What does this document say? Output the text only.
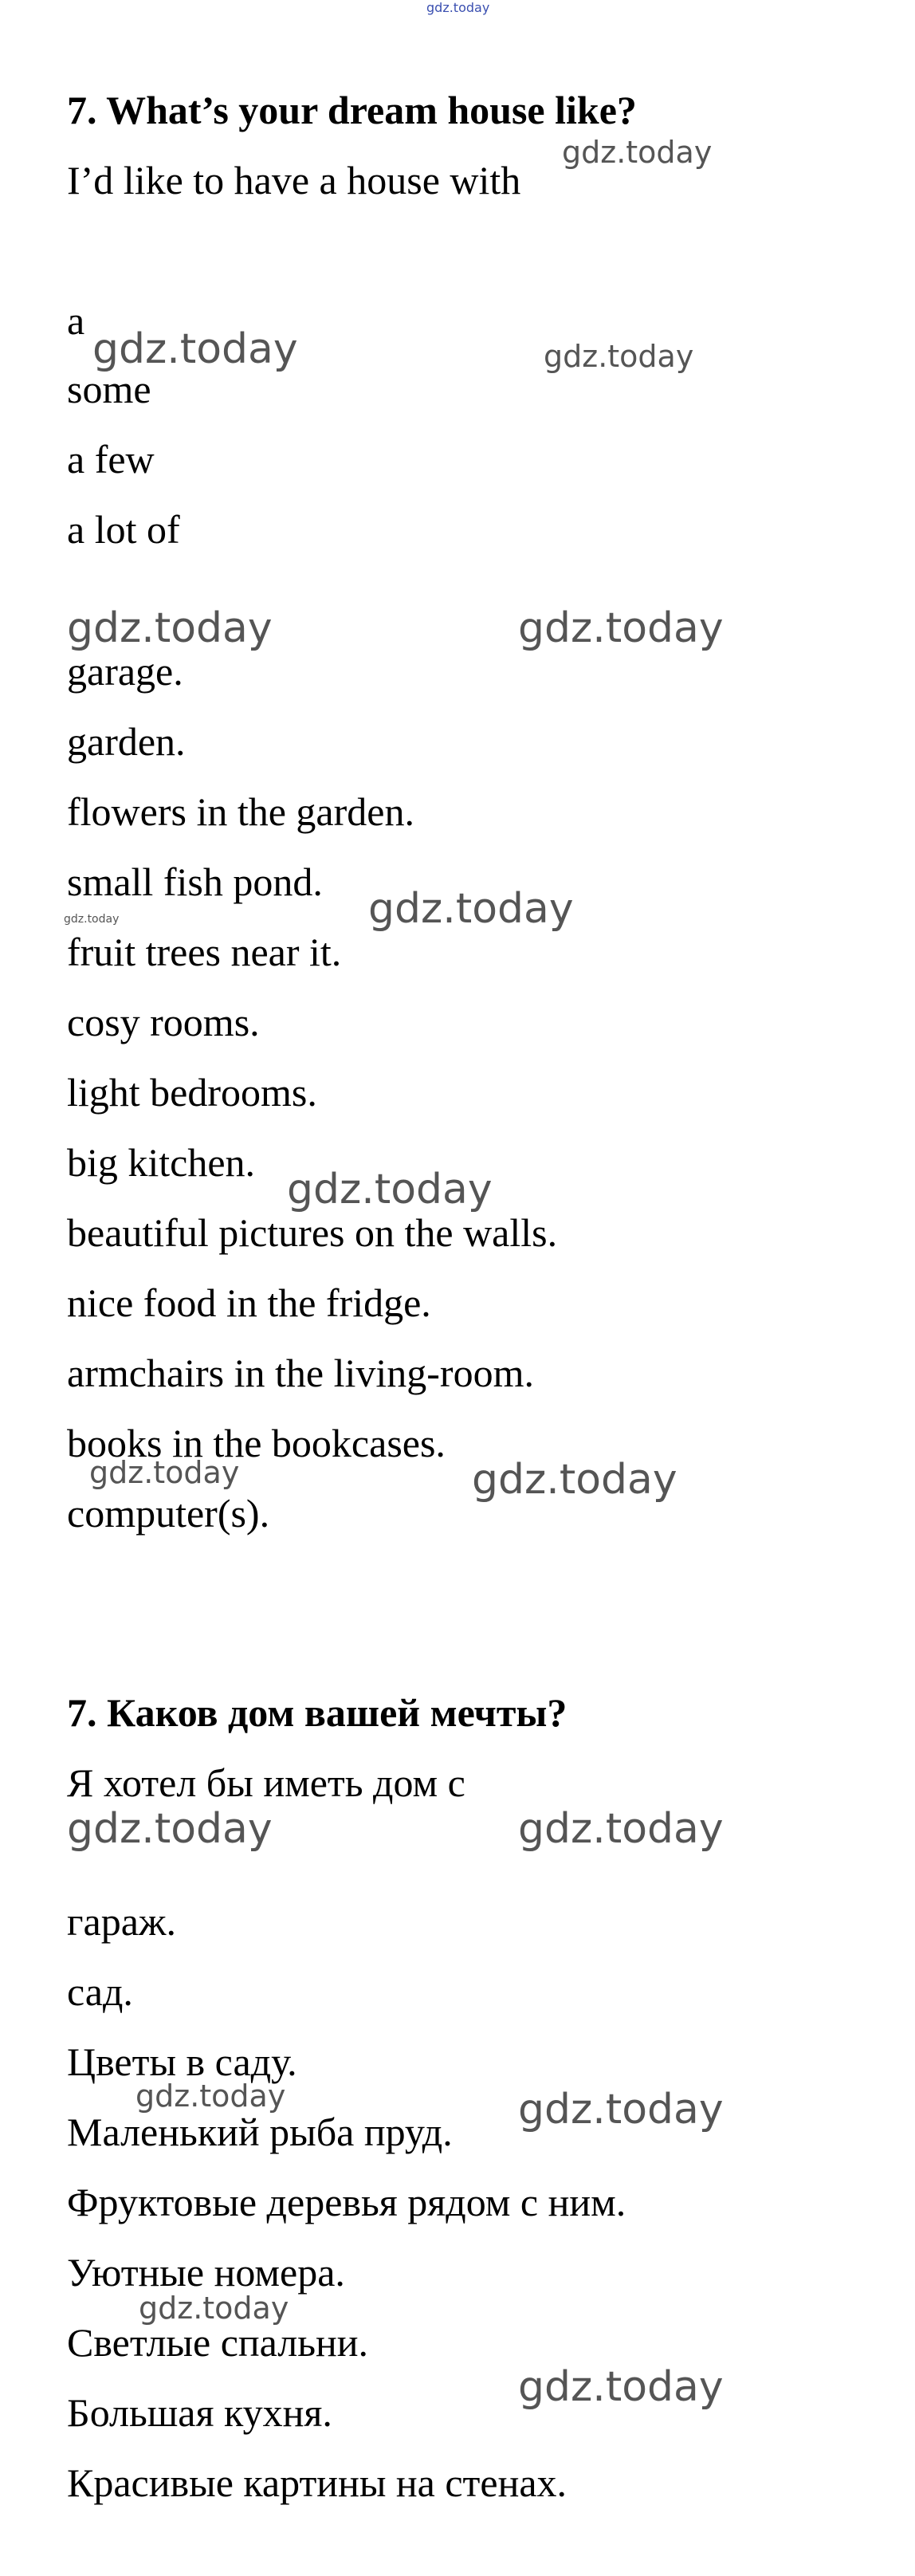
gdz.today
7. What’s your dream house like?
I’d like to have a house with
a
some
a few
a lot of
garage.
garden.
flowers in the garden.
small fish pond.
fruit trees near it.
cosy rooms.
light bedrooms.
big kitchen.
beautiful pictures on the walls.
nice food in the fridge.
armchairs in the living-room.
books in the bookcases.
computer(s).
7. Каков дом вашей мечты?
Я хотел бы иметь дом с
гараж.
сад.
Цветы в саду.
Маленький рыба пруд.
Фруктовые деревья рядом с ним.
Уютные номера.
Светлые спальни.
Большая кухня.
Красивые картины на стенах.
gdz.today
gdz.today	gdz.today
gdz.today	gdz.today
gdz.today
gdz.today
gdz.today
gdz.today	gdz.today
gdz.today	gdz.today
gdz.today	gdz.today
gdz.today
gdz.today
